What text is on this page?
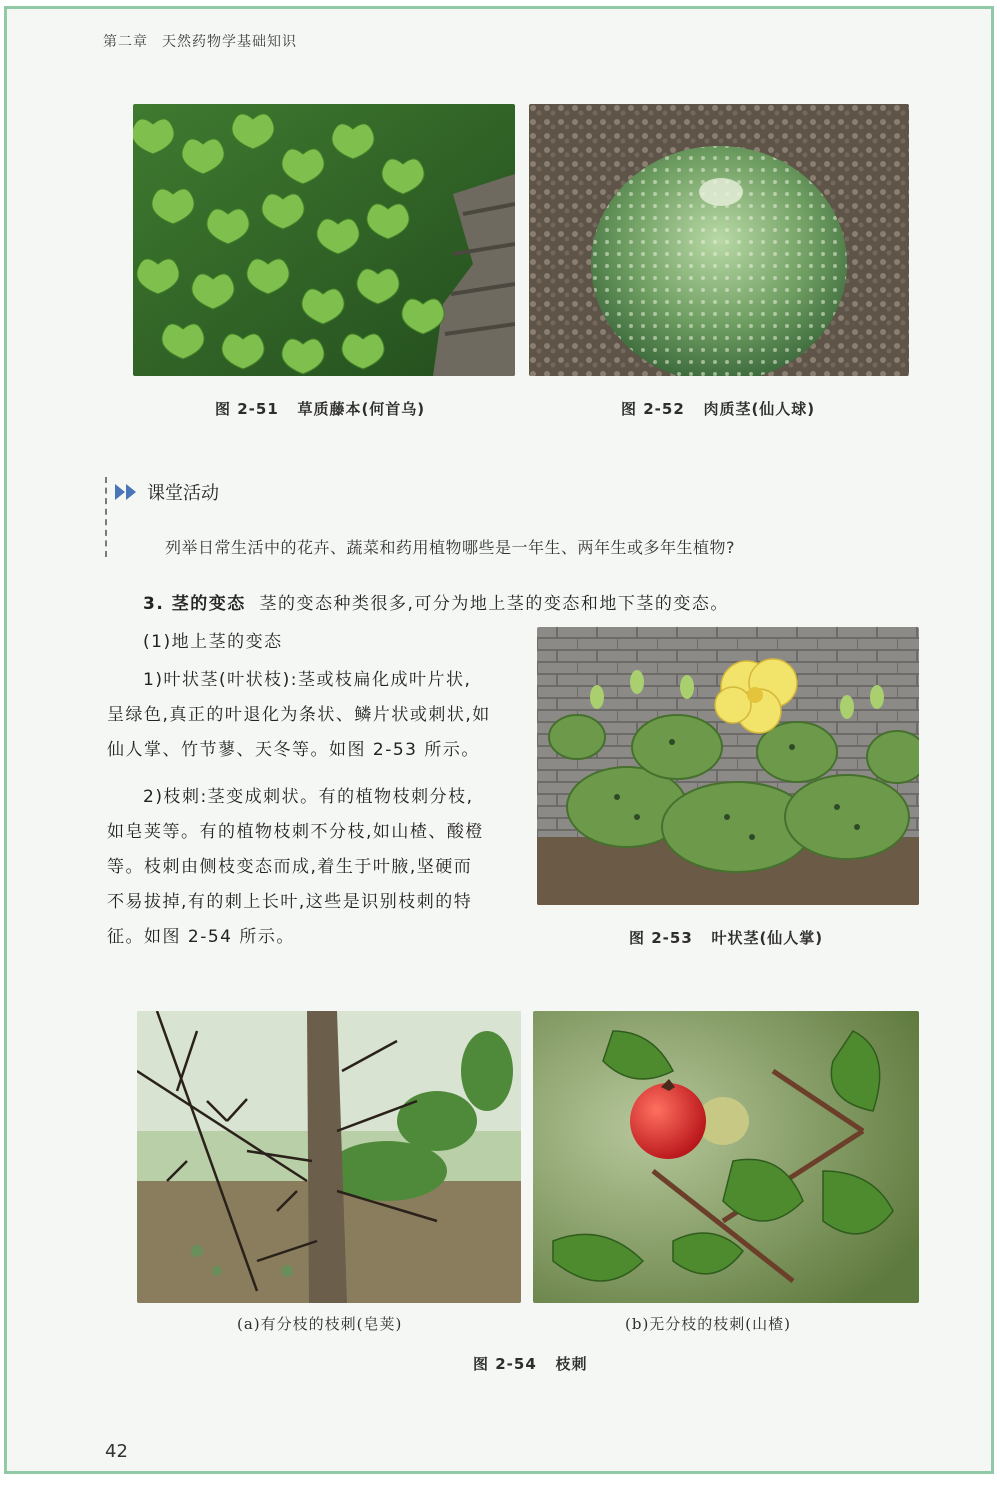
第二章 天然药物学基础知识
图 2-51 草质藤本(何首乌)	图 2-52 肉质茎(仙人球)
课堂活动
列举日常生活中的花卉、蔬菜和药用植物哪些是一年生、两年生或多年生植物?
3. 茎的变态 茎的变态种类很多,可分为地上茎的变态和地下茎的变态。
(1)地上茎的变态

1)叶状茎(叶状枝):茎或枝扁化成叶片状,

呈绿色,真正的叶退化为条状、鳞片状或刺状,如

仙人掌、竹节蓼、天冬等。如图 2-53 所示。

2)枝刺:茎变成刺状。有的植物枝刺分枝,

如皂荚等。有的植物枝刺不分枝,如山楂、酸橙

等。枝刺由侧枝变态而成,着生于叶腋,坚硬而

不易拔掉,有的刺上长叶,这些是识别枝刺的特

征。如图 2-54 所示。	图 2-53 叶状茎(仙人掌)
(a)有分枝的枝刺(皂荚)	(b)无分枝的枝刺(山楂)
图 2-54 枝刺
42
